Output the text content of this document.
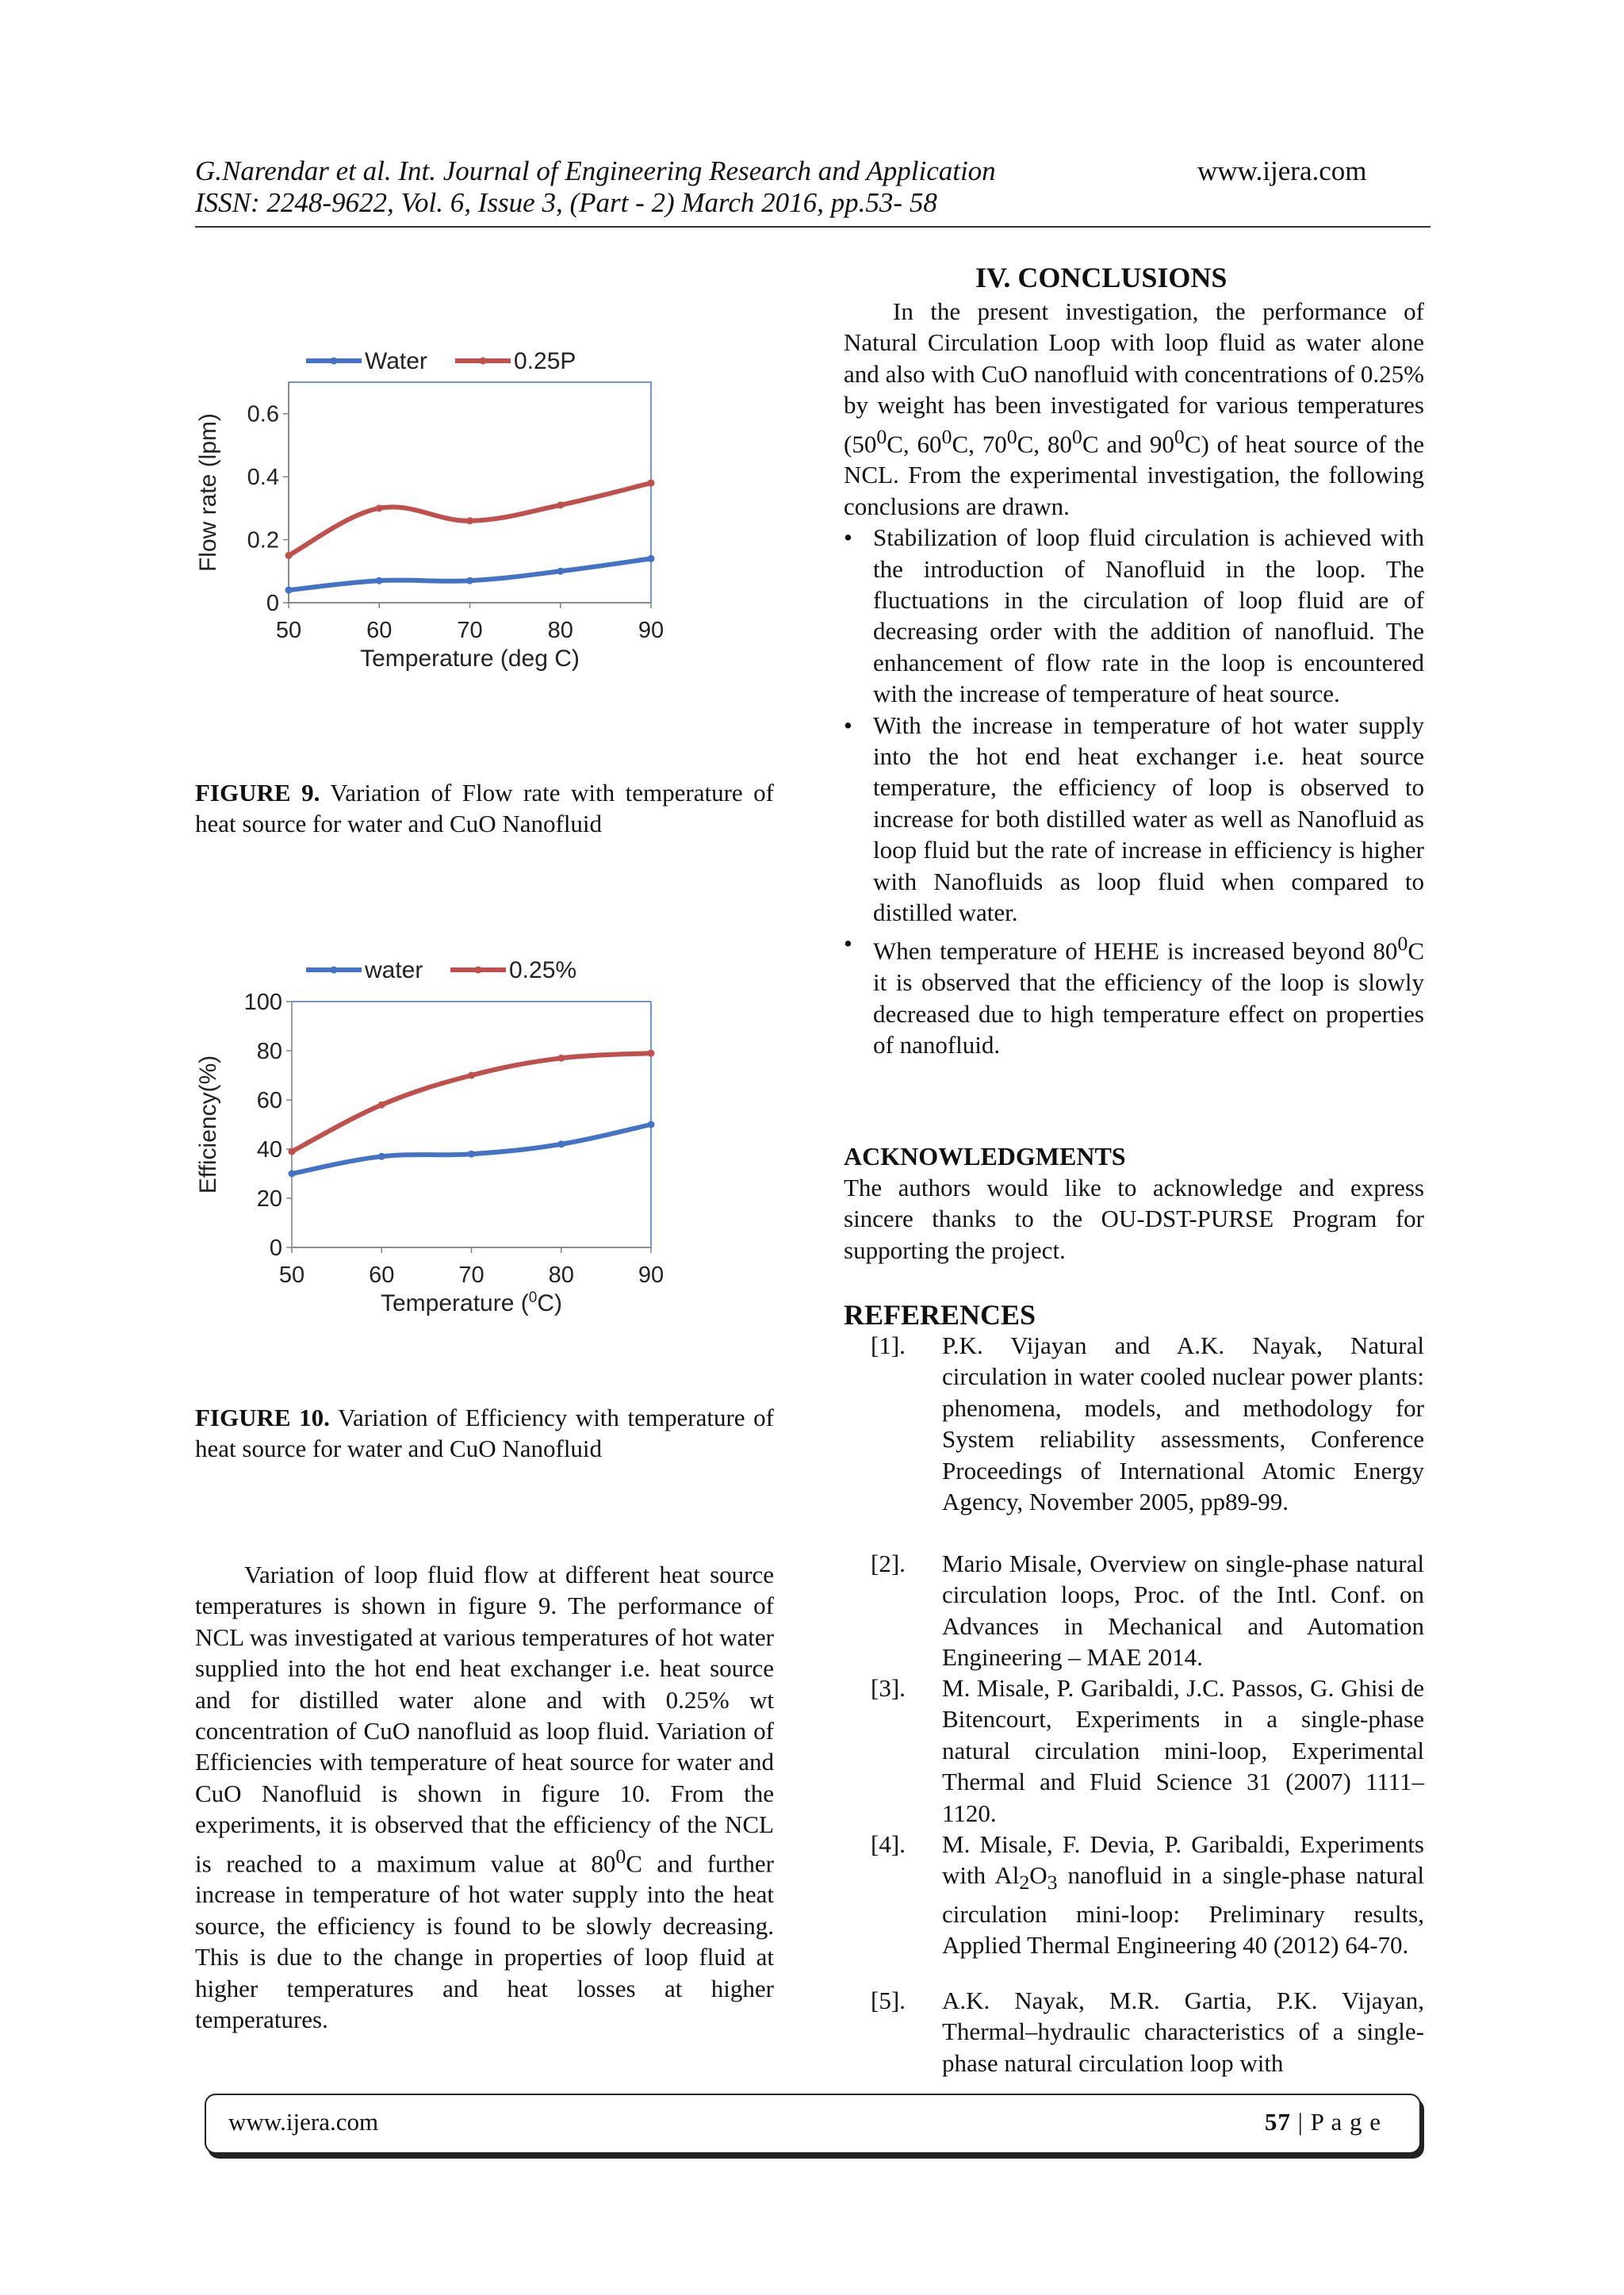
G.Narendar et al. Int. Journal of Engineering Research and Application
ISSN: 2248-9622, Vol. 6, Issue 3, (Part - 2) March 2016, pp.53- 58
www.ijera.com
0
0.2
0.4
0.6
50	60	70	80	90
Temperature (deg C)
Flow rate (lpm)
Water	0.25P
FIGURE 9. Variation of Flow rate with temperature of heat source for water and CuO Nanofluid
0
20
40
60
80
100
50	60	70	80	90
Temperature ($^0$C)
Efficiency(%)
water	0.25%
FIGURE 10. Variation of Efficiency with temperature of heat source for water and CuO Nanofluid

Variation of loop fluid flow at different heat source temperatures is shown in figure 9. The performance of NCL was investigated at various temperatures of hot water supplied into the hot end heat exchanger i.e. heat source and for distilled water alone and with 0.25% wt concentration of CuO nanofluid as loop fluid. Variation of Efficiencies with temperature of heat source for water and CuO Nanofluid is shown in figure 10. From the experiments, it is observed that the efficiency of the NCL is reached to a maximum value at $80^0C$ and further increase in temperature of hot water supply into the heat source, the efficiency is found to be slowly decreasing. This is due to the change in properties of loop fluid at higher temperatures and heat losses at higher temperatures.

IV. CONCLUSIONS

In the present investigation, the performance of Natural Circulation Loop with loop fluid as water alone and also with CuO nanofluid with concentrations of 0.25% by weight has been investigated for various temperatures ($50^0C$, $60^0C$, $70^0C$, $80^0C$ and $90^0C$) of heat source of the NCL. From the experimental investigation, the following conclusions are drawn.

• Stabilization of loop fluid circulation is achieved with the introduction of Nanofluid in the loop. The fluctuations in the circulation of loop fluid are of decreasing order with the addition of nanofluid. The enhancement of flow rate in the loop is encountered with the increase of temperature of heat source.
• With the increase in temperature of hot water supply into the hot end heat exchanger i.e. heat source temperature, the efficiency of loop is observed to increase for both distilled water as well as Nanofluid as loop fluid but the rate of increase in efficiency is higher with Nanofluids as loop fluid when compared to distilled water.
• When temperature of HEHE is increased beyond $80^0C$ it is observed that the efficiency of the loop is slowly decreased due to high temperature effect on properties of nanofluid.
ACKNOWLEDGMENTS
The authors would like to acknowledge and express sincere thanks to the OU-DST-PURSE Program for supporting the project.
REFERENCES
[1]. P.K. Vijayan and A.K. Nayak, Natural circulation in water cooled nuclear power plants: phenomena, models, and methodology for System reliability assessments, Conference Proceedings of International Atomic Energy Agency, November 2005, pp89-99.
[2]. Mario Misale, Overview on single-phase natural circulation loops, Proc. of the Intl. Conf. on Advances in Mechanical and Automation Engineering – MAE 2014.
[3]. M. Misale, P. Garibaldi, J.C. Passos, G. Ghisi de Bitencourt, Experiments in a single-phase natural circulation mini-loop, Experimental Thermal and Fluid Science 31 (2007) 1111–1120.
[4]. M. Misale, F. Devia, P. Garibaldi, Experiments with $Al_2O_3$ nanofluid in a single-phase natural circulation mini-loop: Preliminary results, Applied Thermal Engineering 40 (2012) 64-70.
[5]. A.K. Nayak, M.R. Gartia, P.K. Vijayan, Thermal–hydraulic characteristics of a single-phase natural circulation loop with
www.ijera.com	57 | P a g e
